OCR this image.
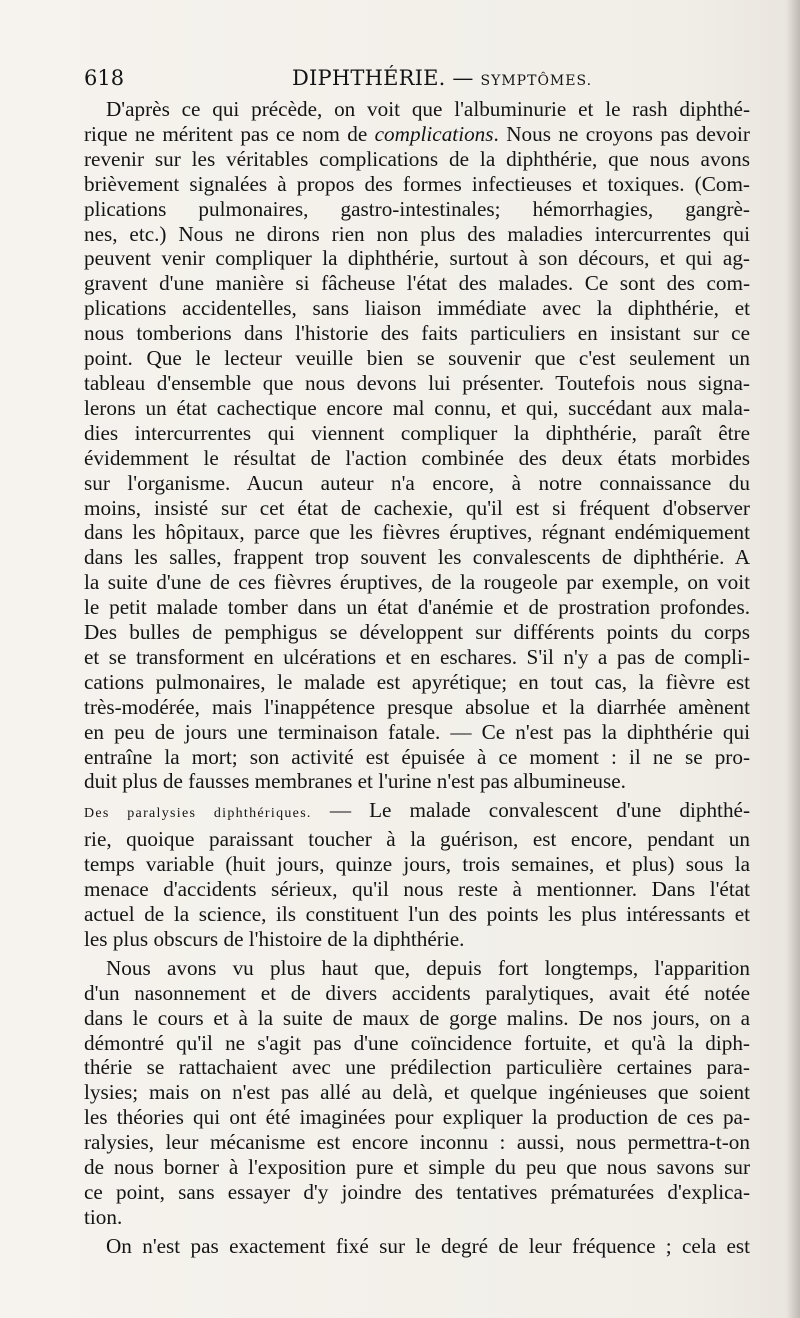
618	DIPHTHÉRIE. — SYMPTÔMES.

D'après ce qui précède, on voit que l'albuminurie et le rash diphthé-

rique ne méritent pas ce nom de complications. Nous ne croyons pas devoir

revenir sur les véritables complications de la diphthérie, que nous avons

brièvement signalées à propos des formes infectieuses et toxiques. (Com-

plications pulmonaires, gastro-intestinales; hémorrhagies, gangrè-

nes, etc.) Nous ne dirons rien non plus des maladies intercurrentes qui

peuvent venir compliquer la diphthérie, surtout à son décours, et qui ag-

gravent d'une manière si fâcheuse l'état des malades. Ce sont des com-

plications accidentelles, sans liaison immédiate avec la diphthérie, et

nous tomberions dans l'historie des faits particuliers en insistant sur ce

point. Que le lecteur veuille bien se souvenir que c'est seulement un

tableau d'ensemble que nous devons lui présenter. Toutefois nous signa-

lerons un état cachectique encore mal connu, et qui, succédant aux mala-

dies intercurrentes qui viennent compliquer la diphthérie, paraît être

évidemment le résultat de l'action combinée des deux états morbides

sur l'organisme. Aucun auteur n'a encore, à notre connaissance du

moins, insisté sur cet état de cachexie, qu'il est si fréquent d'observer

dans les hôpitaux, parce que les fièvres éruptives, régnant endémiquement

dans les salles, frappent trop souvent les convalescents de diphthérie. A

la suite d'une de ces fièvres éruptives, de la rougeole par exemple, on voit

le petit malade tomber dans un état d'anémie et de prostration profondes.

Des bulles de pemphigus se développent sur différents points du corps

et se transforment en ulcérations et en eschares. S'il n'y a pas de compli-

cations pulmonaires, le malade est apyrétique; en tout cas, la fièvre est

très-modérée, mais l'inappétence presque absolue et la diarrhée amènent

en peu de jours une terminaison fatale. — Ce n'est pas la diphthérie qui

entraîne la mort; son activité est épuisée à ce moment : il ne se pro-

duit plus de fausses membranes et l'urine n'est pas albumineuse.

Des paralysies diphthériques. — Le malade convalescent d'une diphthé-

rie, quoique paraissant toucher à la guérison, est encore, pendant un

temps variable (huit jours, quinze jours, trois semaines, et plus) sous la

menace d'accidents sérieux, qu'il nous reste à mentionner. Dans l'état

actuel de la science, ils constituent l'un des points les plus intéressants et

les plus obscurs de l'histoire de la diphthérie.

Nous avons vu plus haut que, depuis fort longtemps, l'apparition

d'un nasonnement et de divers accidents paralytiques, avait été notée

dans le cours et à la suite de maux de gorge malins. De nos jours, on a

démontré qu'il ne s'agit pas d'une coïncidence fortuite, et qu'à la diph-

thérie se rattachaient avec une prédilection particulière certaines para-

lysies; mais on n'est pas allé au delà, et quelque ingénieuses que soient

les théories qui ont été imaginées pour expliquer la production de ces pa-

ralysies, leur mécanisme est encore inconnu : aussi, nous permettra-t-on

de nous borner à l'exposition pure et simple du peu que nous savons sur

ce point, sans essayer d'y joindre des tentatives prématurées d'explica-

tion.

On n'est pas exactement fixé sur le degré de leur fréquence ; cela est
